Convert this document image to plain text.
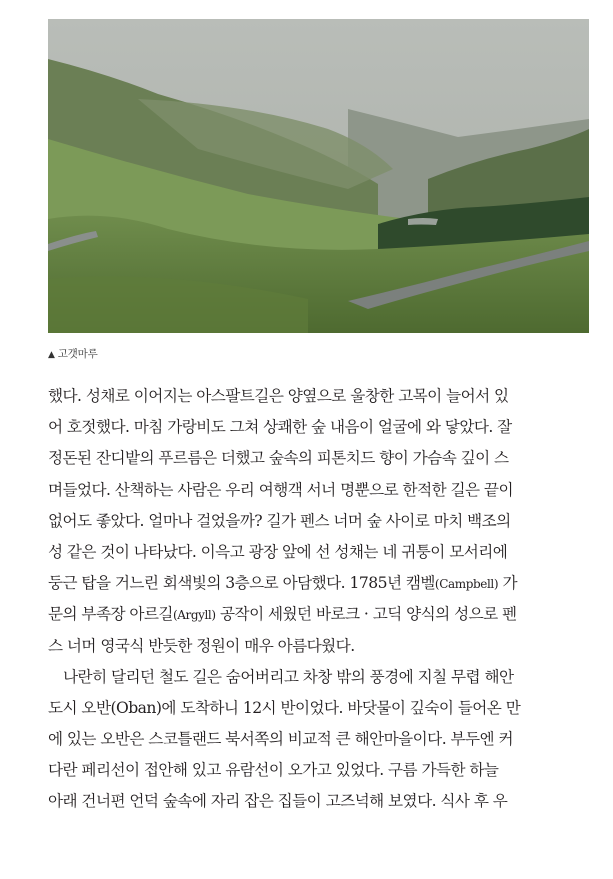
▲ 고갯마루
했다. 성채로 이어지는 아스팔트길은 양옆으로 울창한 고목이 늘어서 있
어 호젓했다. 마침 가랑비도 그쳐 상쾌한 숲 내음이 얼굴에 와 닿았다. 잘
정돈된 잔디밭의 푸르름은 더했고 숲속의 피톤치드 향이 가슴속 깊이 스
며들었다. 산책하는 사람은 우리 여행객 서너 명뿐으로 한적한 길은 끝이
없어도 좋았다. 얼마나 걸었을까? 길가 펜스 너머 숲 사이로 마치 백조의
성 같은 것이 나타났다. 이윽고 광장 앞에 선 성채는 네 귀퉁이 모서리에
둥근 탑을 거느린 회색빛의 3층으로 아담했다. 1785년 캠벨(Campbell) 가
문의 부족장 아르길(Argyll) 공작이 세웠던 바로크 · 고딕 양식의 성으로 펜
스 너머 영국식 반듯한 정원이 매우 아름다웠다.
　나란히 달리던 철도 길은 숨어버리고 차창 밖의 풍경에 지칠 무렵 해안
도시 오반(Oban)에 도착하니 12시 반이었다. 바닷물이 깊숙이 들어온 만
에 있는 오반은 스코틀랜드 북서쪽의 비교적 큰 해안마을이다. 부두엔 커
다란 페리선이 접안해 있고 유람선이 오가고 있었다. 구름 가득한 하늘
아래 건너편 언덕 숲속에 자리 잡은 집들이 고즈넉해 보였다. 식사 후 우
